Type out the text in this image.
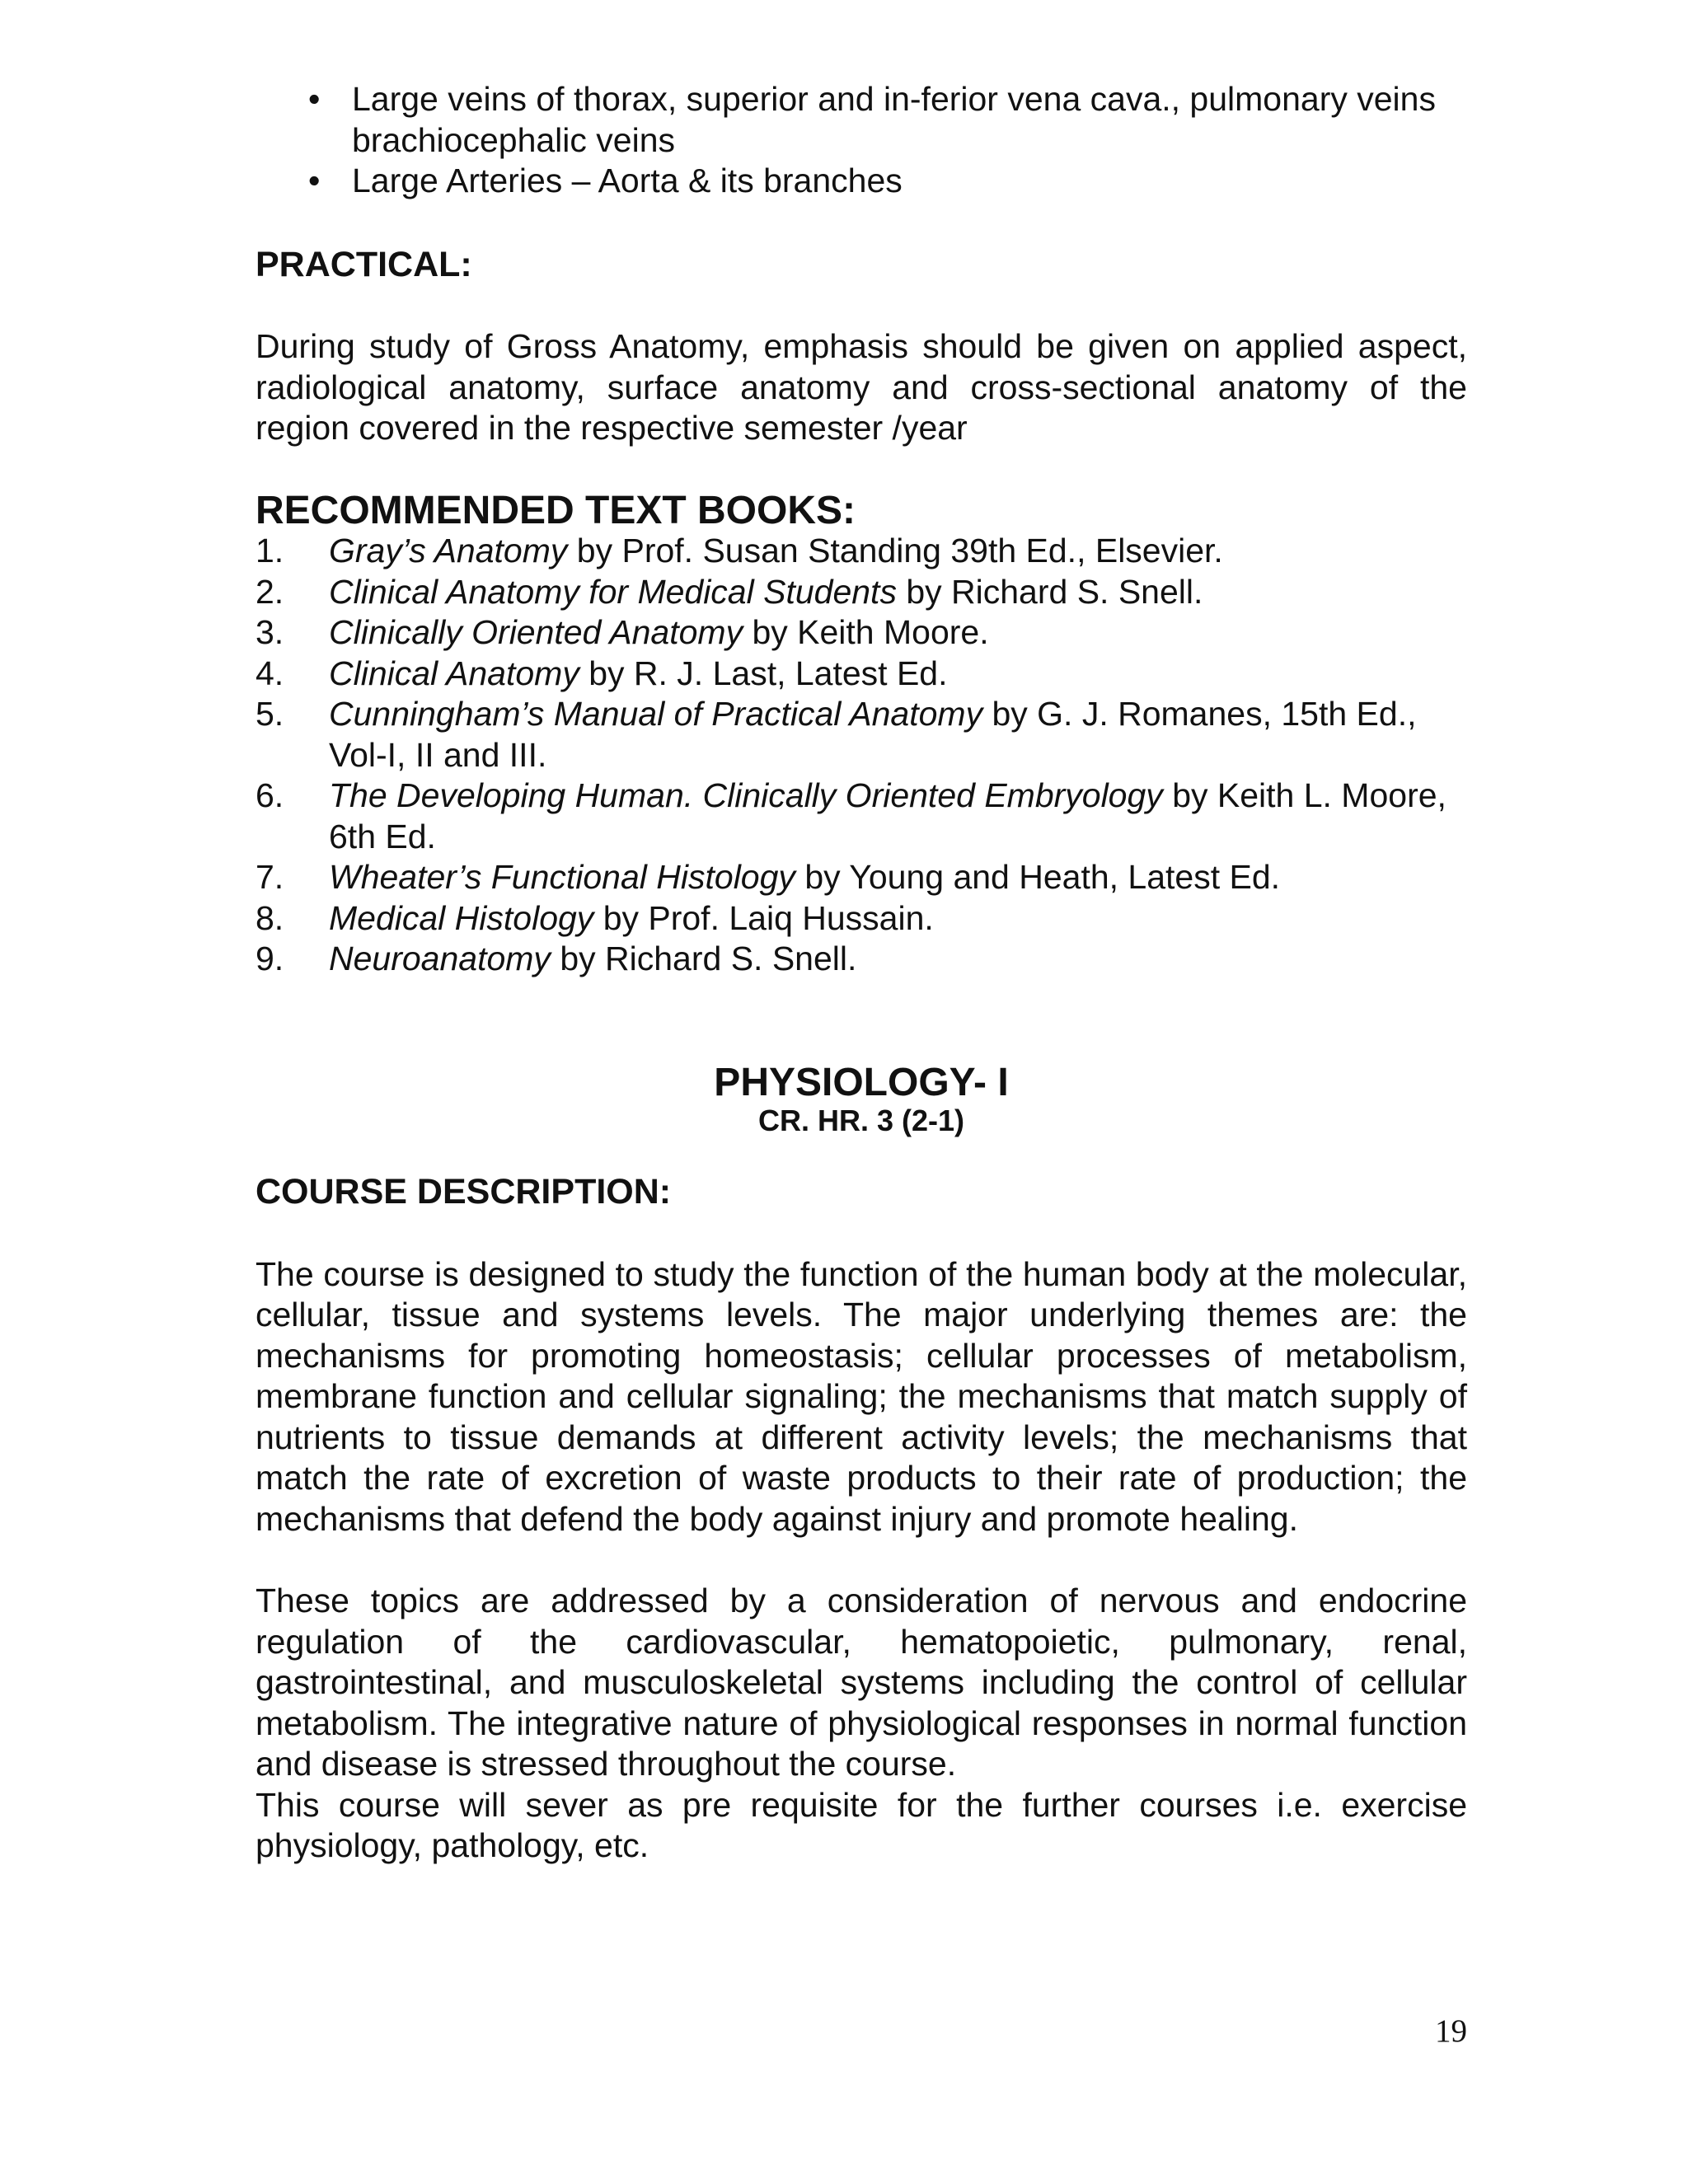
• Large veins of thorax, superior and in-ferior vena cava., pulmonary veins brachiocephalic veins
• Large Arteries – Aorta & its branches
PRACTICAL:

During study of Gross Anatomy, emphasis should be given on applied aspect, radiological anatomy, surface anatomy and cross-sectional anatomy of the region covered in the respective semester /year

RECOMMENDED TEXT BOOKS:
1. Gray’s Anatomy by Prof. Susan Standing 39th Ed., Elsevier.
2. Clinical Anatomy for Medical Students by Richard S. Snell.
3. Clinically Oriented Anatomy by Keith Moore.
4. Clinical Anatomy by R. J. Last, Latest Ed.
5. Cunningham’s Manual of Practical Anatomy by G. J. Romanes, 15th Ed., Vol-I, II and III.
6. The Developing Human. Clinically Oriented Embryology by Keith L. Moore, 6th Ed.
7. Wheater’s Functional Histology by Young and Heath, Latest Ed.
8. Medical Histology by Prof. Laiq Hussain.
9. Neuroanatomy by Richard S. Snell.
PHYSIOLOGY- I

CR. HR. 3 (2-1)

COURSE DESCRIPTION:

The course is designed to study the function of the human body at the molecular, cellular, tissue and systems levels. The major underlying themes are: the mechanisms for promoting homeostasis; cellular processes of metabolism, membrane function and cellular signaling; the mechanisms that match supply of nutrients to tissue demands at different activity levels; the mechanisms that match the rate of excretion of waste products to their rate of production; the mechanisms that defend the body against injury and promote healing.

These topics are addressed by a consideration of nervous and endocrine regulation of the cardiovascular, hematopoietic, pulmonary, renal, gastrointestinal, and musculoskeletal systems including the control of cellular metabolism. The integrative nature of physiological responses in normal function and disease is stressed throughout the course.

This course will sever as pre requisite for the further courses i.e. exercise physiology, pathology, etc.

19
